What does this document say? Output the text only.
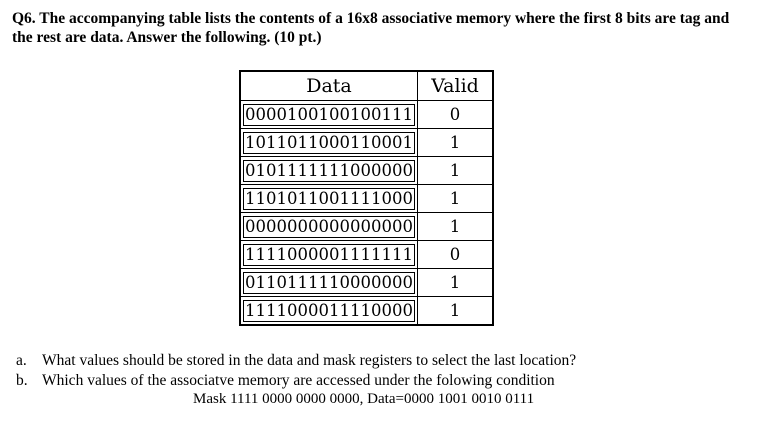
Q6. The accompanying table lists the contents of a 16x8 associative memory where the first 8 bits are tag and
the rest are data. Answer the following. (10 pt.)
Data	Valid
0000100100100111	0
1011011000110001	1
0101111111000000	1
1101011001111000	1
0000000000000000	1
1111000001111111	0
0110111110000000	1
1111000011110000	1
a. What values should be stored in the data and mask registers to select the last location?
b. Which values of the associatve memory are accessed under the folowing condition
Mask 1111 0000 0000 0000, Data=0000 1001 0010 0111
